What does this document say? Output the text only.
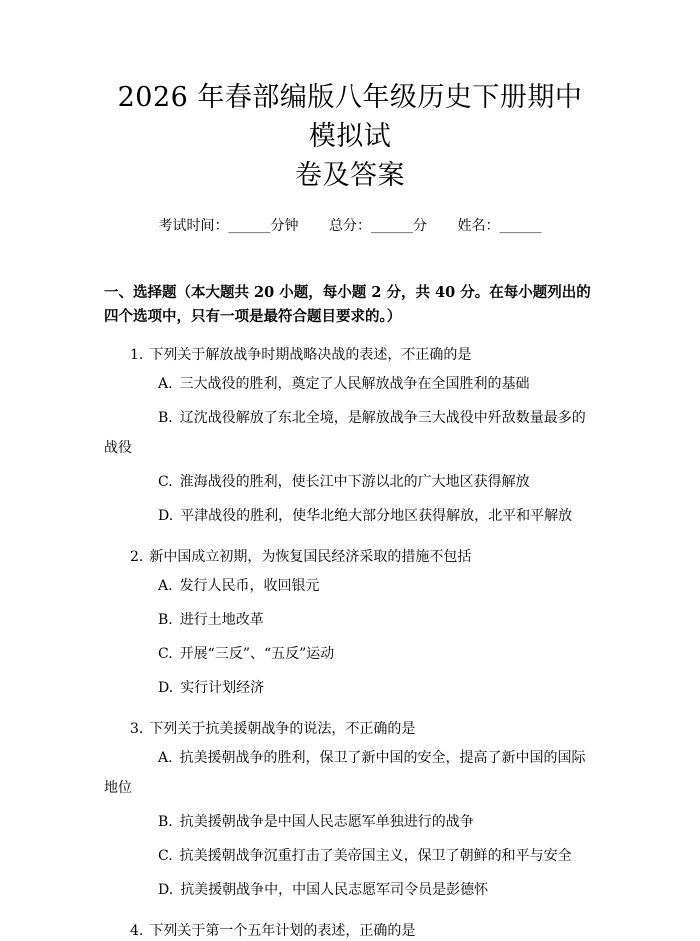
2026 年春部编版八年级历史下册期中模拟试
卷及答案
考试时间：______分钟 总分：______分 姓名：______
一、选择题（本大题共 20 小题，每小题 2 分，共 40 分。在每小题列出的四个选项中，只有一项是最符合题目要求的。）
1. 下列关于解放战争时期战略决战的表述，不正确的是
A. 三大战役的胜利，奠定了人民解放战争在全国胜利的基础
B. 辽沈战役解放了东北全境，是解放战争三大战役中歼敌数量最多的战役
C. 淮海战役的胜利，使长江中下游以北的广大地区获得解放
D. 平津战役的胜利，使华北绝大部分地区获得解放，北平和平解放
2. 新中国成立初期，为恢复国民经济采取的措施不包括
A. 发行人民币，收回银元
B. 进行土地改革
C. 开展“三反”、“五反”运动
D. 实行计划经济
3. 下列关于抗美援朝战争的说法，不正确的是
A. 抗美援朝战争的胜利，保卫了新中国的安全，提高了新中国的国际地位
B. 抗美援朝战争是中国人民志愿军单独进行的战争
C. 抗美援朝战争沉重打击了美帝国主义，保卫了朝鲜的和平与安全
D. 抗美援朝战争中，中国人民志愿军司令员是彭德怀
4. 下列关于第一个五年计划的表述，正确的是
